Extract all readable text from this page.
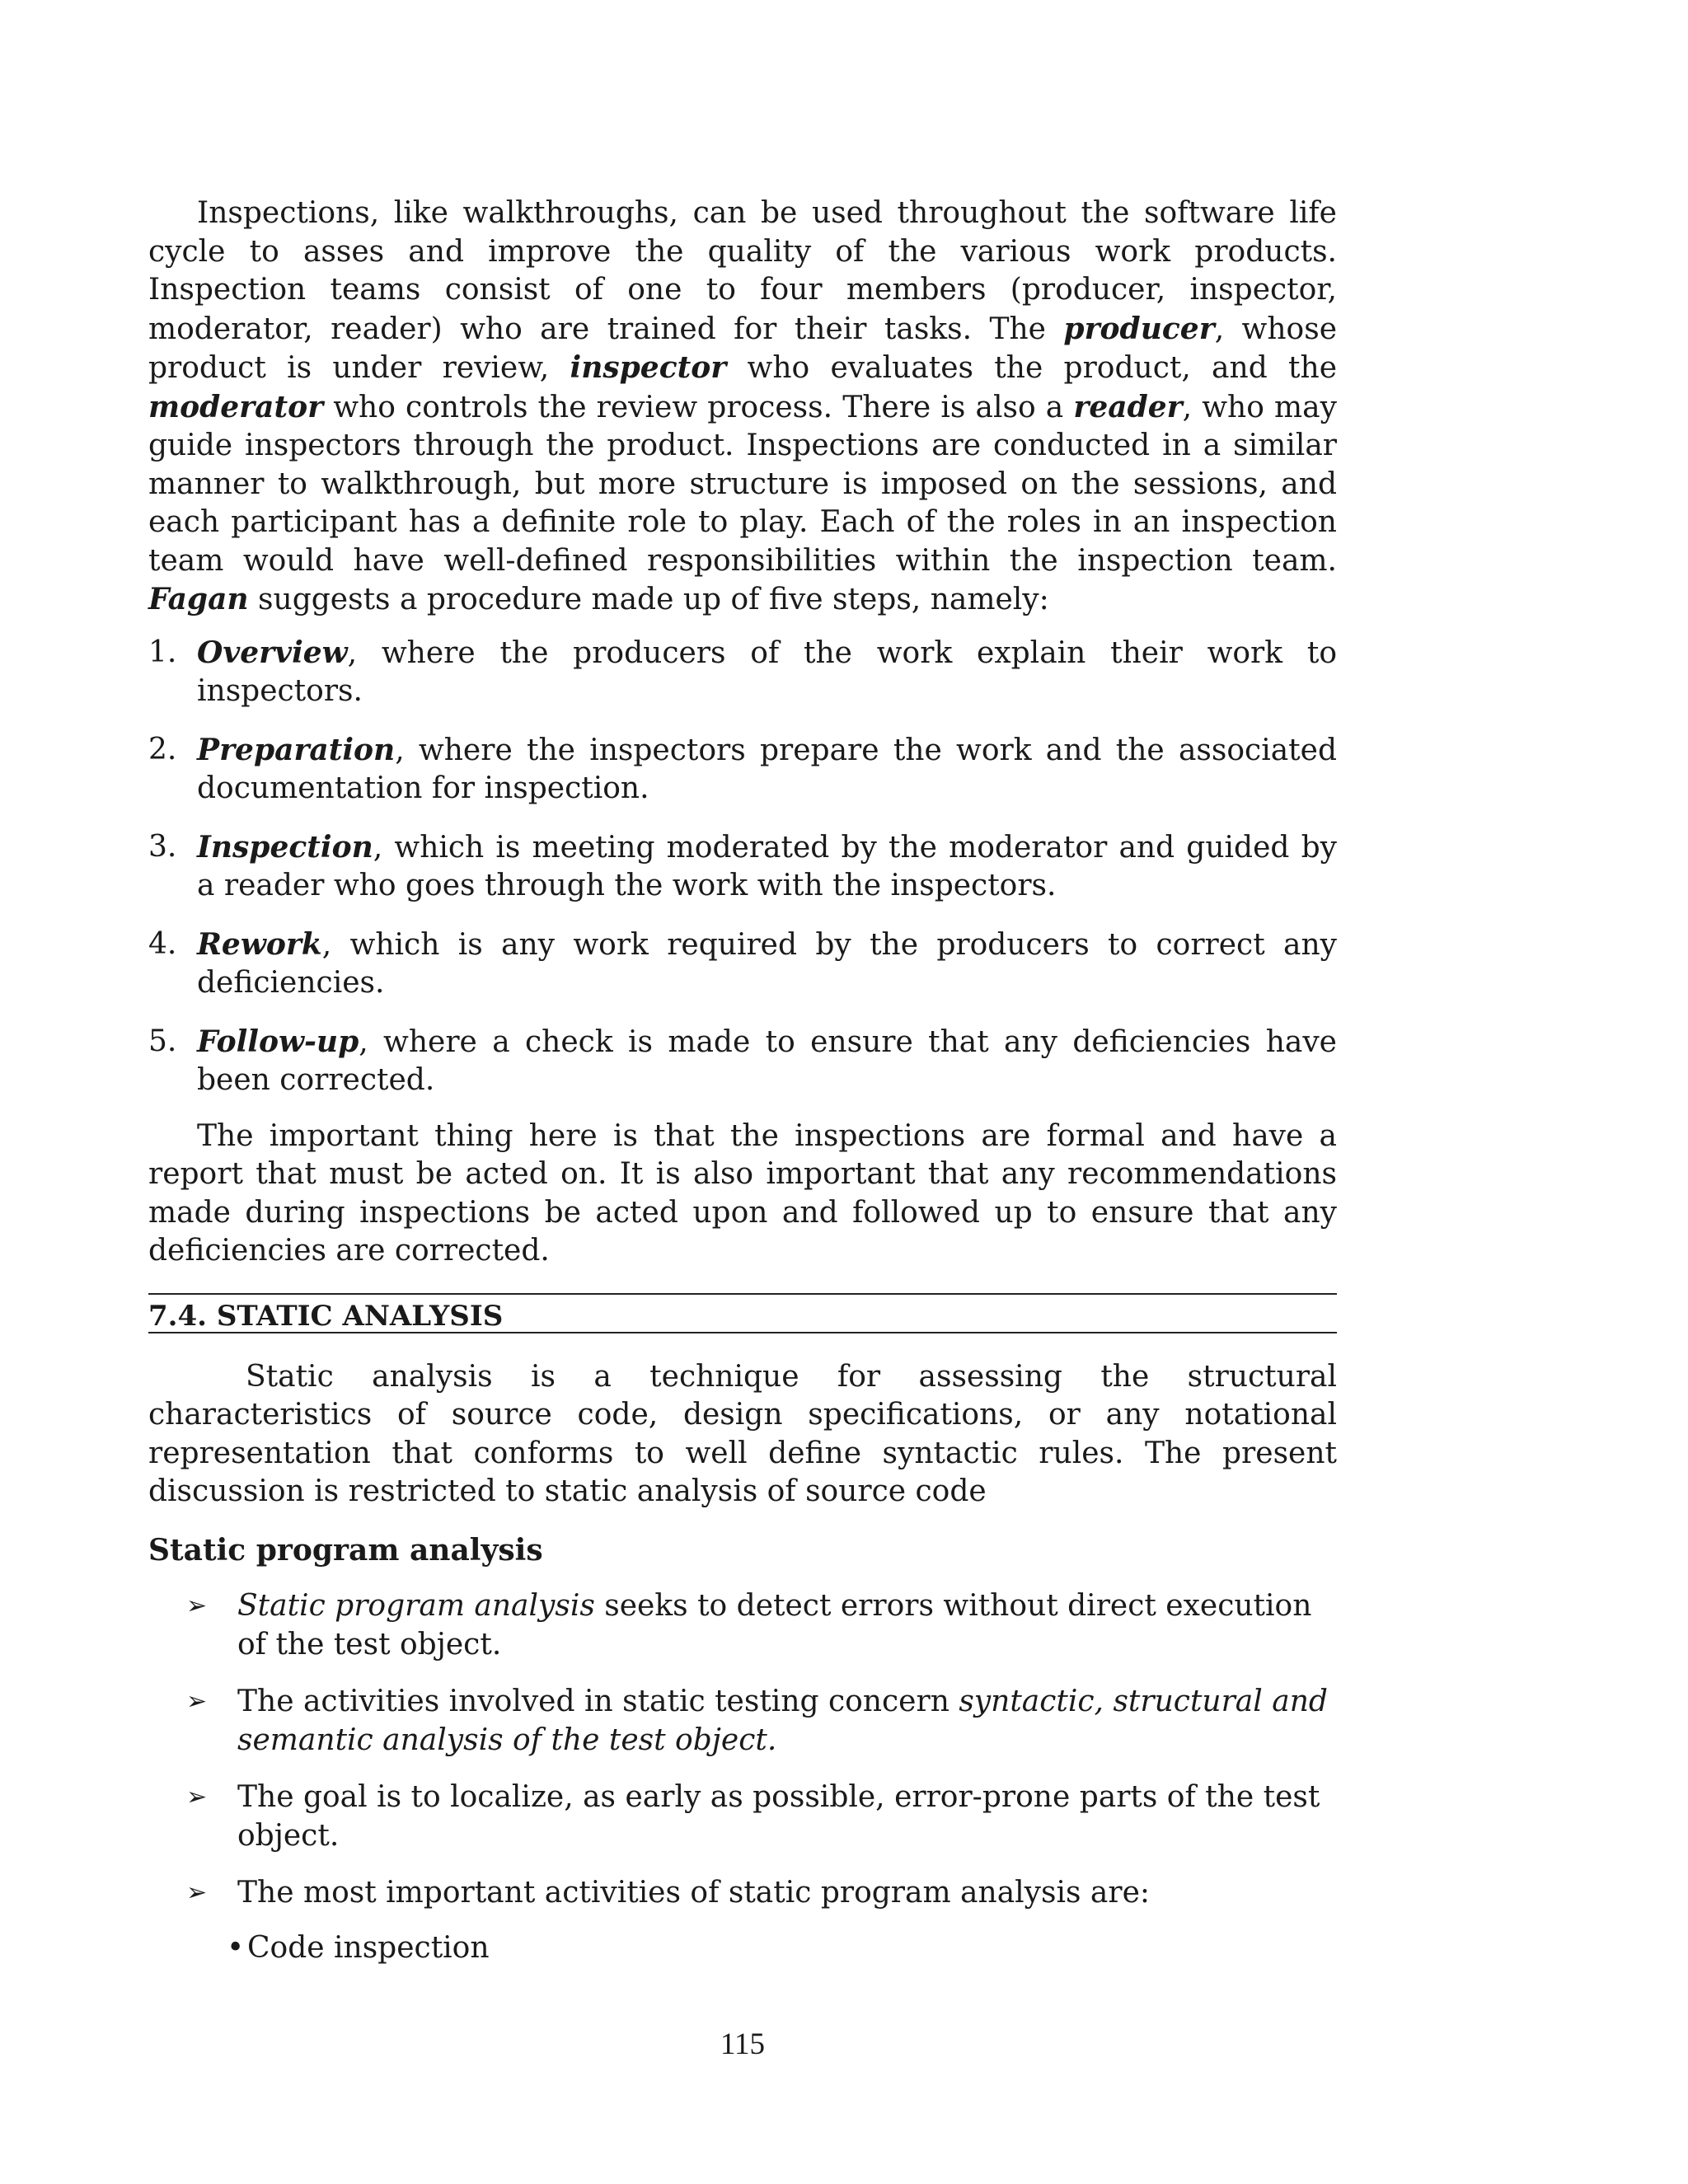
Inspections, like walkthroughs, can be used throughout the software life cycle to asses and improve the quality of the various work products. Inspection teams consist of one to four members (producer, inspector, moderator, reader) who are trained for their tasks. The producer, whose product is under review, inspector who evaluates the product, and the moderator who controls the review process. There is also a reader, who may guide inspectors through the product. Inspections are conducted in a similar manner to walkthrough, but more structure is imposed on the sessions, and each participant has a definite role to play. Each of the roles in an inspection team would have well-defined responsibilities within the inspection team. Fagan suggests a procedure made up of five steps, namely:

1. Overview, where the producers of the work explain their work to inspectors.
2. Preparation, where the inspectors prepare the work and the associated documentation for inspection.
3. Inspection, which is meeting moderated by the moderator and guided by a reader who goes through the work with the inspectors.
4. Rework, which is any work required by the producers to correct any deficiencies.
5. Follow-up, where a check is made to ensure that any deficiencies have been corrected.

The important thing here is that the inspections are formal and have a report that must be acted on. It is also important that any recommendations made during inspections be acted upon and followed up to ensure that any deficiencies are corrected.

7.4. STATIC ANALYSIS

Static analysis is a technique for assessing the structural characteristics of source code, design specifications, or any notational representation that conforms to well define syntactic rules. The present discussion is restricted to static analysis of source code

Static program analysis
➢ Static program analysis seeks to detect errors without direct execution of the test object.
➢ The activities involved in static testing concern syntactic, structural and semantic analysis of the test object.
➢ The goal is to localize, as early as possible, error-prone parts of the test object.
➢ The most important activities of static program analysis are:
• Code inspection
115
